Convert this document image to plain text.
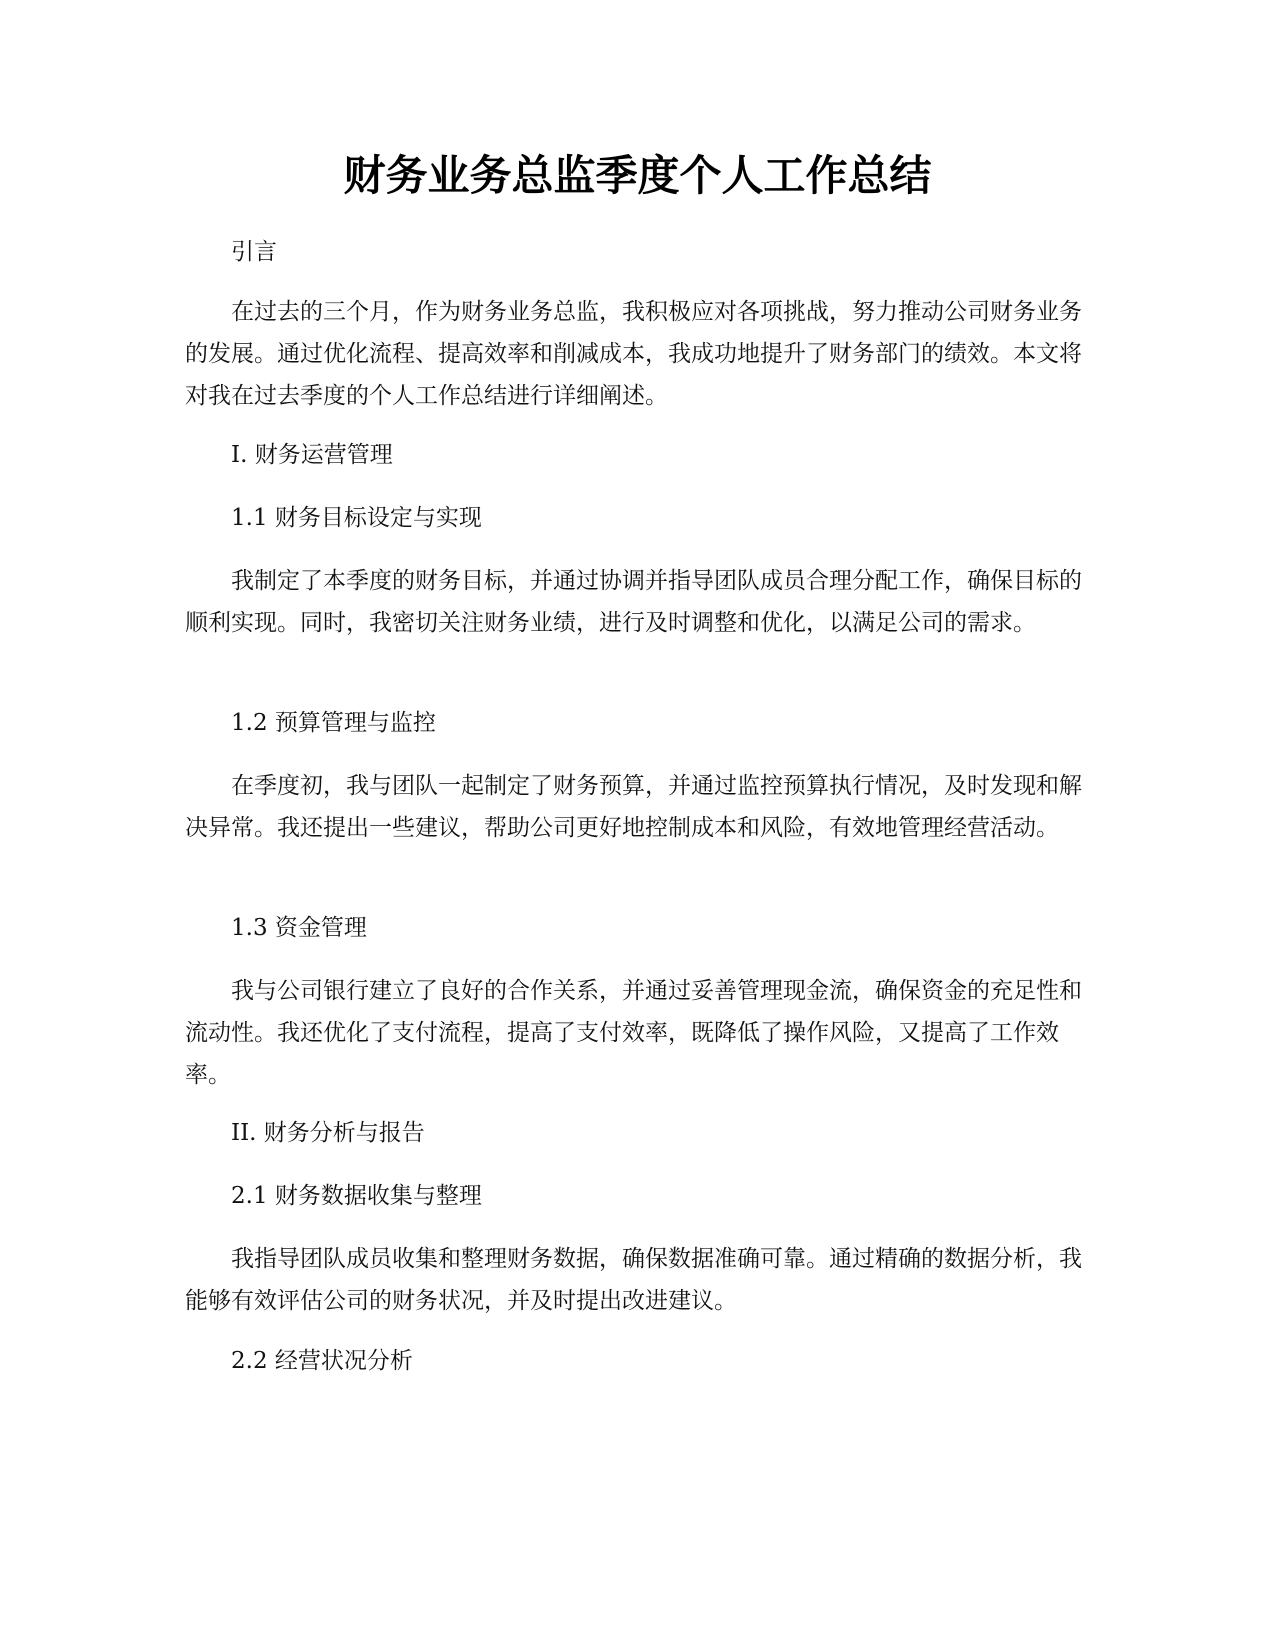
财务业务总监季度个人工作总结

引言

在过去的三个月，作为财务业务总监，我积极应对各项挑战，努力推动公司财务业务的发展。通过优化流程、提高效率和削减成本，我成功地提升了财务部门的绩效。本文将对我在过去季度的个人工作总结进行详细阐述。

I. 财务运营管理

1.1 财务目标设定与实现

我制定了本季度的财务目标，并通过协调并指导团队成员合理分配工作，确保目标的顺利实现。同时，我密切关注财务业绩，进行及时调整和优化，以满足公司的需求。

1.2 预算管理与监控

在季度初，我与团队一起制定了财务预算，并通过监控预算执行情况，及时发现和解决异常。我还提出一些建议，帮助公司更好地控制成本和风险，有效地管理经营活动。

1.3 资金管理

我与公司银行建立了良好的合作关系，并通过妥善管理现金流，确保资金的充足性和流动性。我还优化了支付流程，提高了支付效率，既降低了操作风险，又提高了工作效率。

II. 财务分析与报告

2.1 财务数据收集与整理

我指导团队成员收集和整理财务数据，确保数据准确可靠。通过精确的数据分析，我能够有效评估公司的财务状况，并及时提出改进建议。

2.2 经营状况分析
